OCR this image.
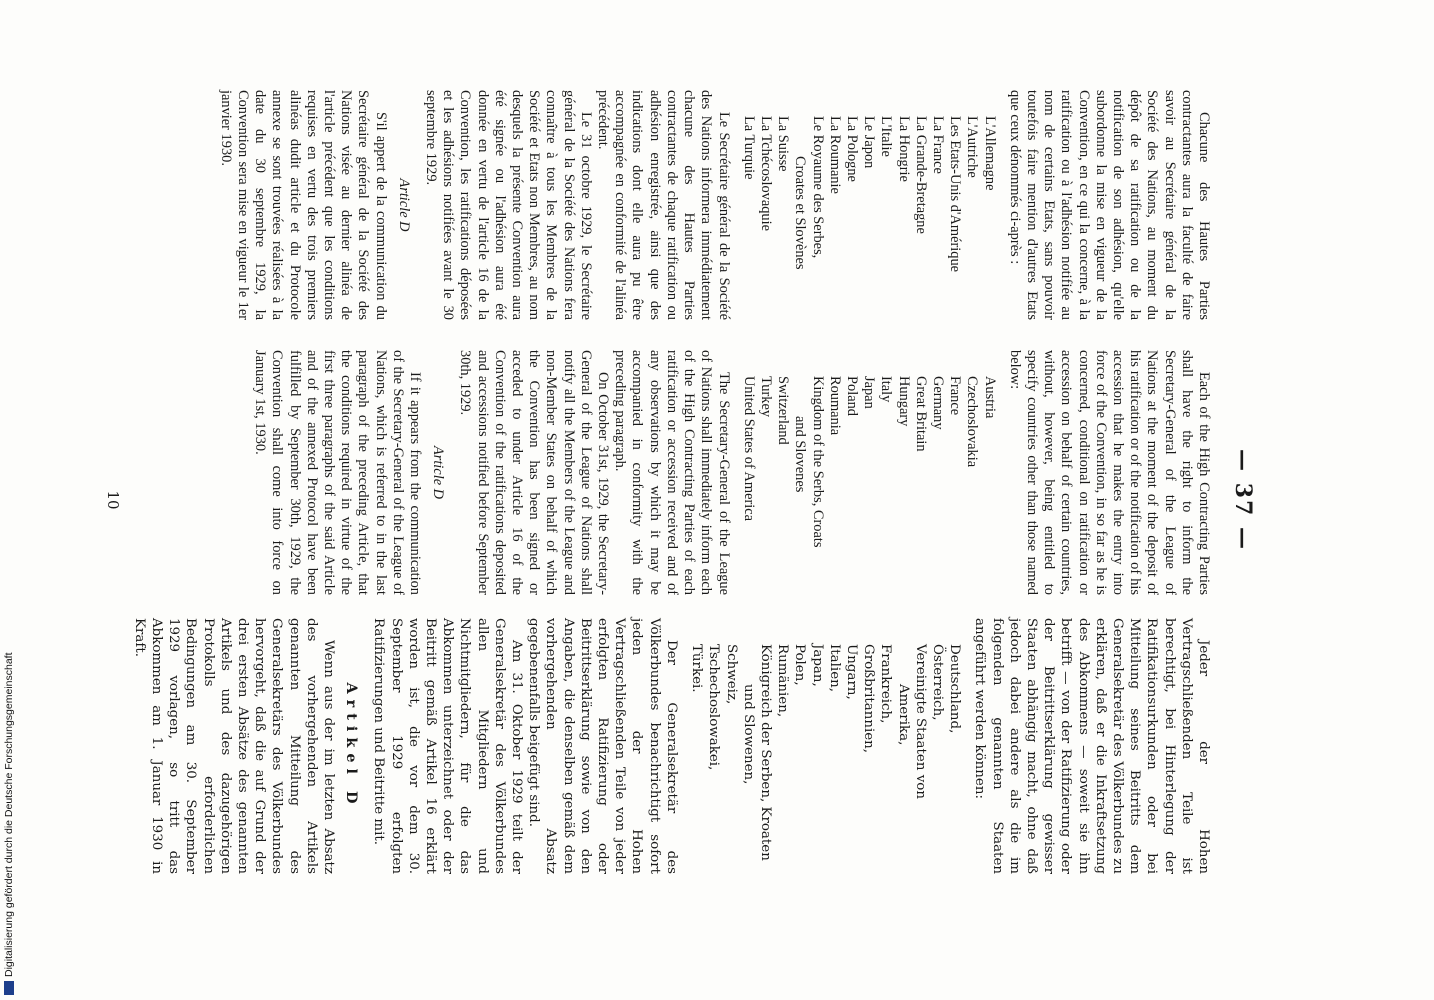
— 37 —

Chacune des Hautes Parties contractantes aura la faculté de faire savoir au Secrétaire général de la Société des Nations, au moment du dépôt de sa ratification ou de la notification de son adhésion, qu'elle subordonne la mise en vigueur de la Convention, en ce qui la concerne, à la ratification ou à l'adhésion notifiée au nom de certains Etats, sans pouvoir toutefois faire mention d'autres Etats que ceux dénommés ci-après :

L'Allemagne
L'Autriche
Les Etats-Unis d'Amérique
La France
La Grande-Bretagne
La Hongrie
L'Italie
Le Japon
La Pologne
La Roumanie
Le Royaume des Serbes,
Croates et Slovènes
La Suisse
La Tchécoslovaquie
La Turquie

Le Secrétaire général de la Société des Nations informera immédiatement chacune des Hautes Parties contractantes de chaque ratification ou adhésion enregistrée, ainsi que des indications dont elle aura pu être accompagnée en conformité de l'alinéa précédent.

Le 31 octobre 1929, le Secrétaire général de la Société des Nations fera connaître à tous les Membres de la Société et Etats non Membres, au nom desquels la présente Convention aura été signée ou l'adhésion aura été donnée en vertu de l'article 16 de la Convention, les ratifications déposées et les adhésions notifiées avant le 30 septembre 1929.

Article D

S'il appert de la communication du Secrétaire général de la Société des Nations visée au dernier alinéa de l'article précédent que les conditions requises en vertu des trois premiers alinéas dudit article et du Protocole annexe se sont trouvées réalisées à la date du 30 septembre 1929, la Convention sera mise en vigueur le 1er janvier 1930.

Each of the High Contracting Parties shall have the right to inform the Secretary-General of the League of Nations at the moment of the deposit of his ratification or of the notification of his accession that he makes the entry into force of the Convention, in so far as he is concerned, conditional on ratification or accession on behalf of certain countries, without, however, being entitled to specify countries other than those named below:

Austria
Czechoslovakia
France
Germany
Great Britain
Hungary
Italy
Japan
Poland
Roumania
Kingdom of the Serbs, Croats
and Slovenes
Switzerland
Turkey
United States of America

The Secretary-General of the League of Nations shall immediately inform each of the High Contracting Parties of each ratification or accession received and of any observations by which it may be accompanied in conformity with the preceding paragraph.

On October 31st, 1929, the Secretary-General of the League of Nations shall notify all the Members of the League and non-Member States on behalf of which the Convention has been signed or acceded to under Article 16 of the Convention of the ratifications deposited and accessions notified before September 30th, 1929.

Article D

If it appears from the communication of the Secretary-General of the League of Nations, which is referred to in the last paragraph of the preceding Article, that the conditions required in virtue of the first three paragraphs of the said Article and of the annexed Protocol have been fulfilled by September 30th, 1929, the Convention shall come into force on January 1st, 1930.

Jeder der Hohen Vertragschließenden Teile ist berechtigt, bei Hinterlegung der Ratifikationsurkunden oder bei Mitteilung seines Beitritts dem Generalsekretär des Völkerbundes zu erklären, daß er die Inkraftsetzung des Abkommens — soweit sie ihn betrifft — von der Ratifizierung oder der Beitrittserklärung gewisser Staaten abhängig macht, ohne daß jedoch dabei andere als die im folgenden genannten Staaten angeführt werden können:

Deutschland,
Österreich,
Vereinigte Staaten von
Amerika,
Frankreich,
Großbritannien,
Ungarn,
Italien,
Japan,
Polen,
Rumänien,
Königreich der Serben, Kroaten
und Slowenen,
Schweiz,
Tschechoslowakei,
Türkei.

Der Generalsekretär des Völkerbundes benachrichtigt sofort jeden der Hohen Vertragschließenden Teile von jeder erfolgten Ratifizierung oder Beitrittserklärung sowie von den Angaben, die denselben gemäß dem vorhergehenden Absatz gegebenenfalls beigefügt sind.

Am 31. Oktober 1929 teilt der Generalsekretär des Völkerbundes allen Mitgliedern und Nichtmitgliedern, für die das Abkommen unterzeichnet oder der Beitritt gemäß Artikel 16 erklärt worden ist, die vor dem 30. September 1929 erfolgten Ratifizierungen und Beitritte mit.

Artikel D

Wenn aus der im letzten Absatz des vorhergehenden Artikels genannten Mitteilung des Generalsekretärs des Völkerbundes hervorgeht, daß die auf Grund der drei ersten Absätze des genannten Artikels und des dazugehörigen Protokolls erforderlichen Bedingungen am 30. September 1929 vorlagen, so tritt das Abkommen am 1. Januar 1930 in Kraft.

10
Digitalisierung gefördert durch die Deutsche Forschungsgemeinschaft
